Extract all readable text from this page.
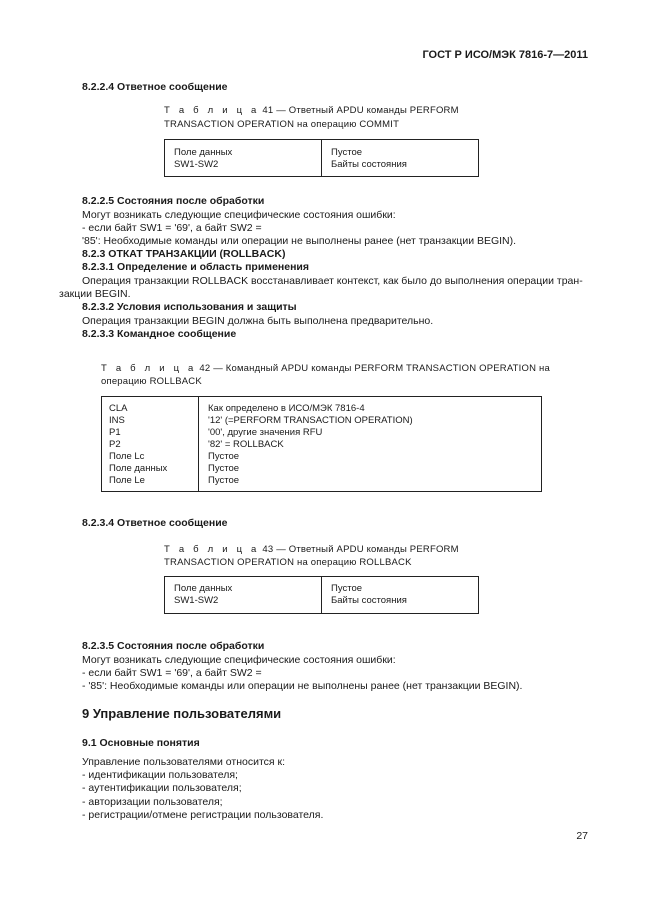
ГОСТ Р ИСО/МЭК 7816-7—2011
8.2.2.4 Ответное сообщение
Т а б л и ц а 41 — Ответный APDU команды PERFORM
TRANSACTION OPERATION на операцию COMMIT
Поле данных
SW1-SW2
Пустое
Байты состояния
8.2.2.5 Состояния после обработки
Могут возникать следующие специфические состояния ошибки:
- если байт SW1 = '69', а байт SW2 =
'85': Необходимые команды или операции не выполнены ранее (нет транзакции BEGIN).
8.2.3 ОТКАТ ТРАНЗАКЦИИ (ROLLBACK)
8.2.3.1 Определение и область применения
Операция транзакции ROLLBACK восстанавливает контекст, как было до выполнения операции тран-
закции BEGIN.
8.2.3.2 Условия использования и защиты
Операция транзакции BEGIN должна быть выполнена предварительно.
8.2.3.3 Командное сообщение
Т а б л и ц а 42 — Командный APDU команды PERFORM TRANSACTION OPERATION на
операцию ROLLBACK
CLA
INS
P1
P2
Поле Lc
Поле данных
Поле Le
Как определено в ИСО/МЭК 7816-4
'12' (=PERFORM TRANSACTION OPERATION)
'00', другие значения RFU
'82' = ROLLBACK
Пустое
Пустое
Пустое
8.2.3.4 Ответное сообщение
Т а б л и ц а 43 — Ответный APDU команды PERFORM
TRANSACTION OPERATION на операцию ROLLBACK
Поле данных
SW1-SW2
Пустое
Байты состояния
8.2.3.5 Состояния после обработки
Могут возникать следующие специфические состояния ошибки:
- если байт SW1 = '69', а байт SW2 =
- '85': Необходимые команды или операции не выполнены ранее (нет транзакции BEGIN).
9 Управление пользователями
9.1 Основные понятия
Управление пользователями относится к:
- идентификации пользователя;
- аутентификации пользователя;
- авторизации пользователя;
- регистрации/отмене регистрации пользователя.
27
